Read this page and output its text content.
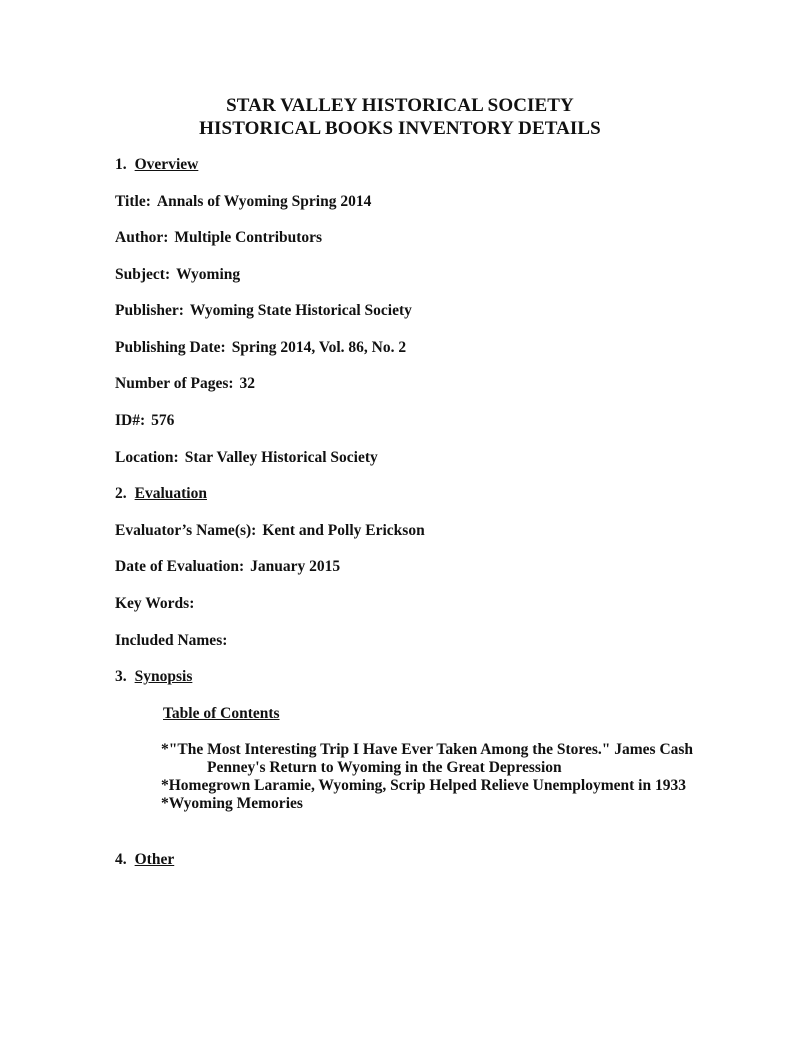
STAR VALLEY HISTORICAL SOCIETY
HISTORICAL BOOKS INVENTORY DETAILS
1. Overview
Title: Annals of Wyoming Spring 2014
Author: Multiple Contributors
Subject: Wyoming
Publisher: Wyoming State Historical Society
Publishing Date: Spring 2014, Vol. 86, No. 2
Number of Pages: 32
ID#: 576
Location: Star Valley Historical Society
2. Evaluation
Evaluator’s Name(s): Kent and Polly Erickson
Date of Evaluation: January 2015
Key Words:
Included Names:
3. Synopsis
Table of Contents
*"The Most Interesting Trip I Have Ever Taken Among the Stores." James Cash Penney's Return to Wyoming in the Great Depression
*Homegrown Laramie, Wyoming, Scrip Helped Relieve Unemployment in 1933
*Wyoming Memories
4. Other
